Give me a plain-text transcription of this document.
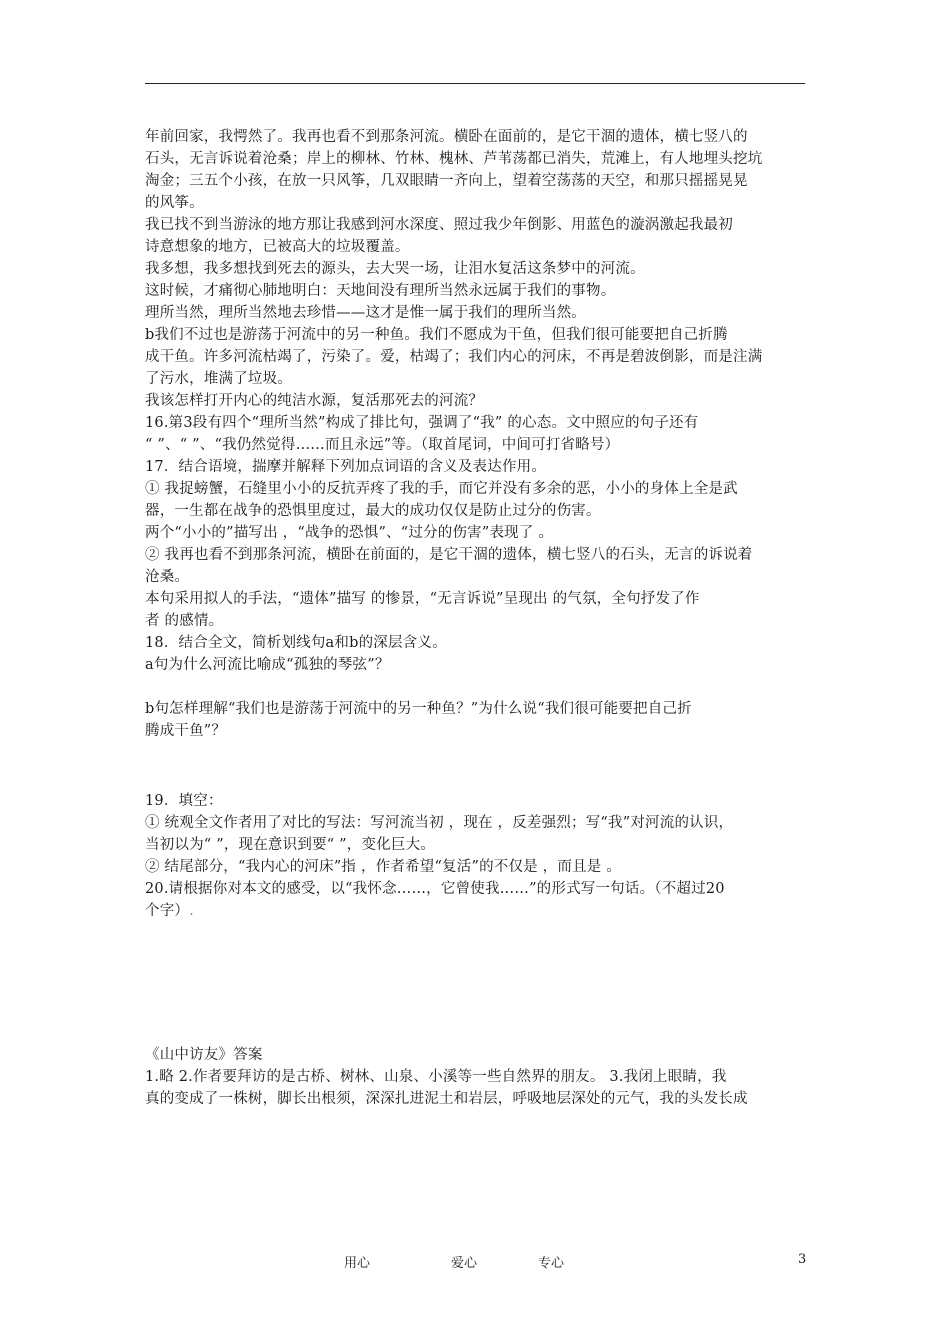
年前回家，我愕然了。我再也看不到那条河流。横卧在面前的，是它干涸的遗体，横七竖八的
石头，无言诉说着沧桑；岸上的柳林、竹林、槐林、芦苇荡都已消失，荒滩上，有人地埋头挖坑
淘金；三五个小孩，在放一只风筝，几双眼睛一齐向上，望着空荡荡的天空，和那只摇摇晃晃
的风筝。
我已找不到当游泳的地方那让我感到河水深度、照过我少年倒影、用蓝色的漩涡激起我最初
诗意想象的地方，已被高大的垃圾覆盖。
我多想，我多想找到死去的源头，去大哭一场，让泪水复活这条梦中的河流。
这时候，才痛彻心肺地明白：天地间没有理所当然永远属于我们的事物。
理所当然，理所当然地去珍惜——这才是惟一属于我们的理所当然。
b我们不过也是游荡于河流中的另一种鱼。我们不愿成为干鱼，但我们很可能要把自己折腾
成干鱼。许多河流枯竭了，污染了。爱，枯竭了；我们内心的河床，不再是碧波倒影，而是注满
了污水，堆满了垃圾。
我该怎样打开内心的纯洁水源，复活那死去的河流？
16.第3段有四个“理所当然”构成了排比句，强调了“我” 的心态。文中照应的句子还有
“ ”、“ ”、“我仍然觉得……而且永远”等。（取首尾词，中间可打省略号）
17．结合语境，揣摩并解释下列加点词语的含义及表达作用。
① 我捉螃蟹，石缝里小小的反抗弄疼了我的手，而它并没有多余的恶，小小的身体上全是武
器，一生都在战争的恐惧里度过，最大的成功仅仅是防止过分的伤害。
两个“小小的”描写出 ，“战争的恐惧”、“过分的伤害”表现了 。
② 我再也看不到那条河流，横卧在前面的，是它干涸的遗体，横七竖八的石头，无言的诉说着
沧桑。
本句采用拟人的手法，“遗体”描写 的惨景，“无言诉说”呈现出 的气氛，全句抒发了作
者 的感情。
18．结合全文，简析划线句a和b的深层含义。
a句为什么河流比喻成“孤独的琴弦”？
b句怎样理解“我们也是游荡于河流中的另一种鱼？”为什么说“我们很可能要把自己折
腾成干鱼”？
19．填空：
① 统观全文作者用了对比的写法：写河流当初 ，现在 ，反差强烈；写“我”对河流的认识，
当初以为“ ”，现在意识到要“ ”，变化巨大。
② 结尾部分，“我内心的河床”指 ，作者希望“复活”的不仅是 ，而且是 。
20.请根据你对本文的感受，以“我怀念……，它曾使我……”的形式写一句话。（不超过20
个字）.
《山中访友》答案
1.略 2.作者要拜访的是古桥、树林、山泉、小溪等一些自然界的朋友。 3.我闭上眼睛，我
真的变成了一株树，脚长出根须，深深扎进泥土和岩层，呼吸地层深处的元气，我的头发长成
用心	爱心	专心	3
